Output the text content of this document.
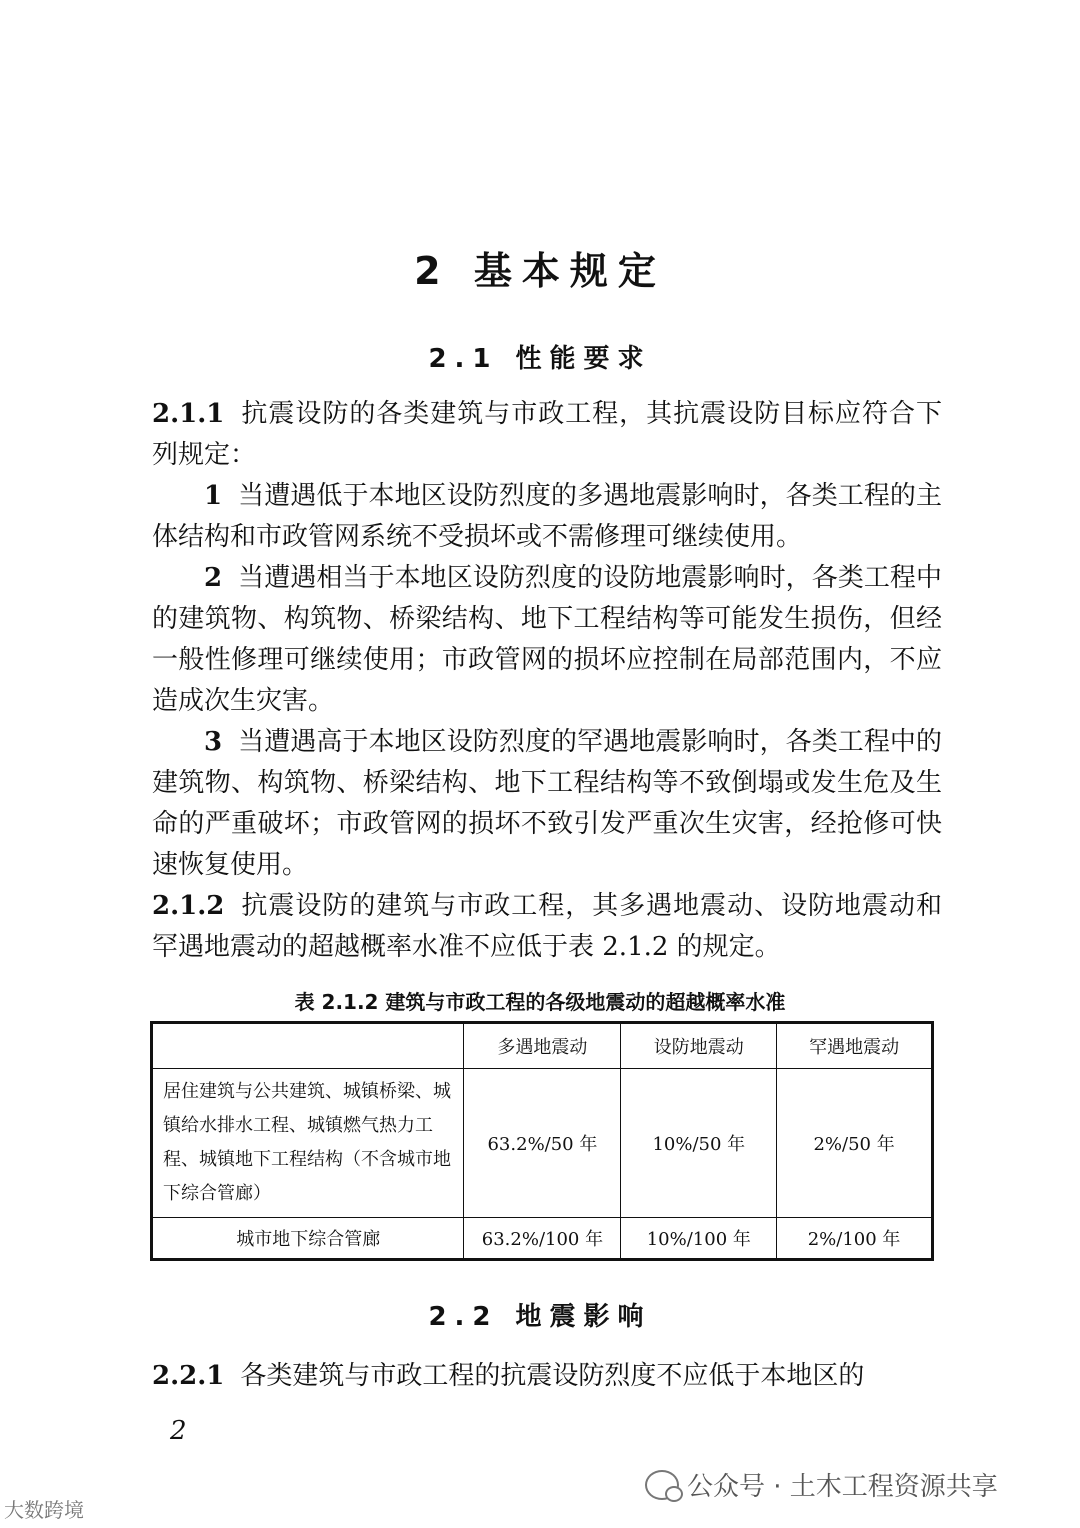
2 基本规定
2.1 性能要求
2.1.1 抗震设防的各类建筑与市政工程，其抗震设防目标应符合下列规定：
1 当遭遇低于本地区设防烈度的多遇地震影响时，各类工程的主体结构和市政管网系统不受损坏或不需修理可继续使用。
2 当遭遇相当于本地区设防烈度的设防地震影响时，各类工程中的建筑物、构筑物、桥梁结构、地下工程结构等可能发生损伤，但经一般性修理可继续使用；市政管网的损坏应控制在局部范围内，不应造成次生灾害。
3 当遭遇高于本地区设防烈度的罕遇地震影响时，各类工程中的建筑物、构筑物、桥梁结构、地下工程结构等不致倒塌或发生危及生命的严重破坏；市政管网的损坏不致引发严重次生灾害，经抢修可快速恢复使用。
2.1.2 抗震设防的建筑与市政工程，其多遇地震动、设防地震动和罕遇地震动的超越概率水准不应低于表 2.1.2 的规定。
表 2.1.2 建筑与市政工程的各级地震动的超越概率水准
	多遇地震动	设防地震动	罕遇地震动
居住建筑与公共建筑、城镇桥梁、城镇给水排水工程、城镇燃气热力工程、城镇地下工程结构（不含城市地下综合管廊）	63.2%/50 年	10%/50 年	2%/50 年
城市地下综合管廊	63.2%/100 年	10%/100 年	2%/100 年
2.2 地震影响
2.2.1 各类建筑与市政工程的抗震设防烈度不应低于本地区的
2
公众号 · 土木工程资源共享
大数跨境
